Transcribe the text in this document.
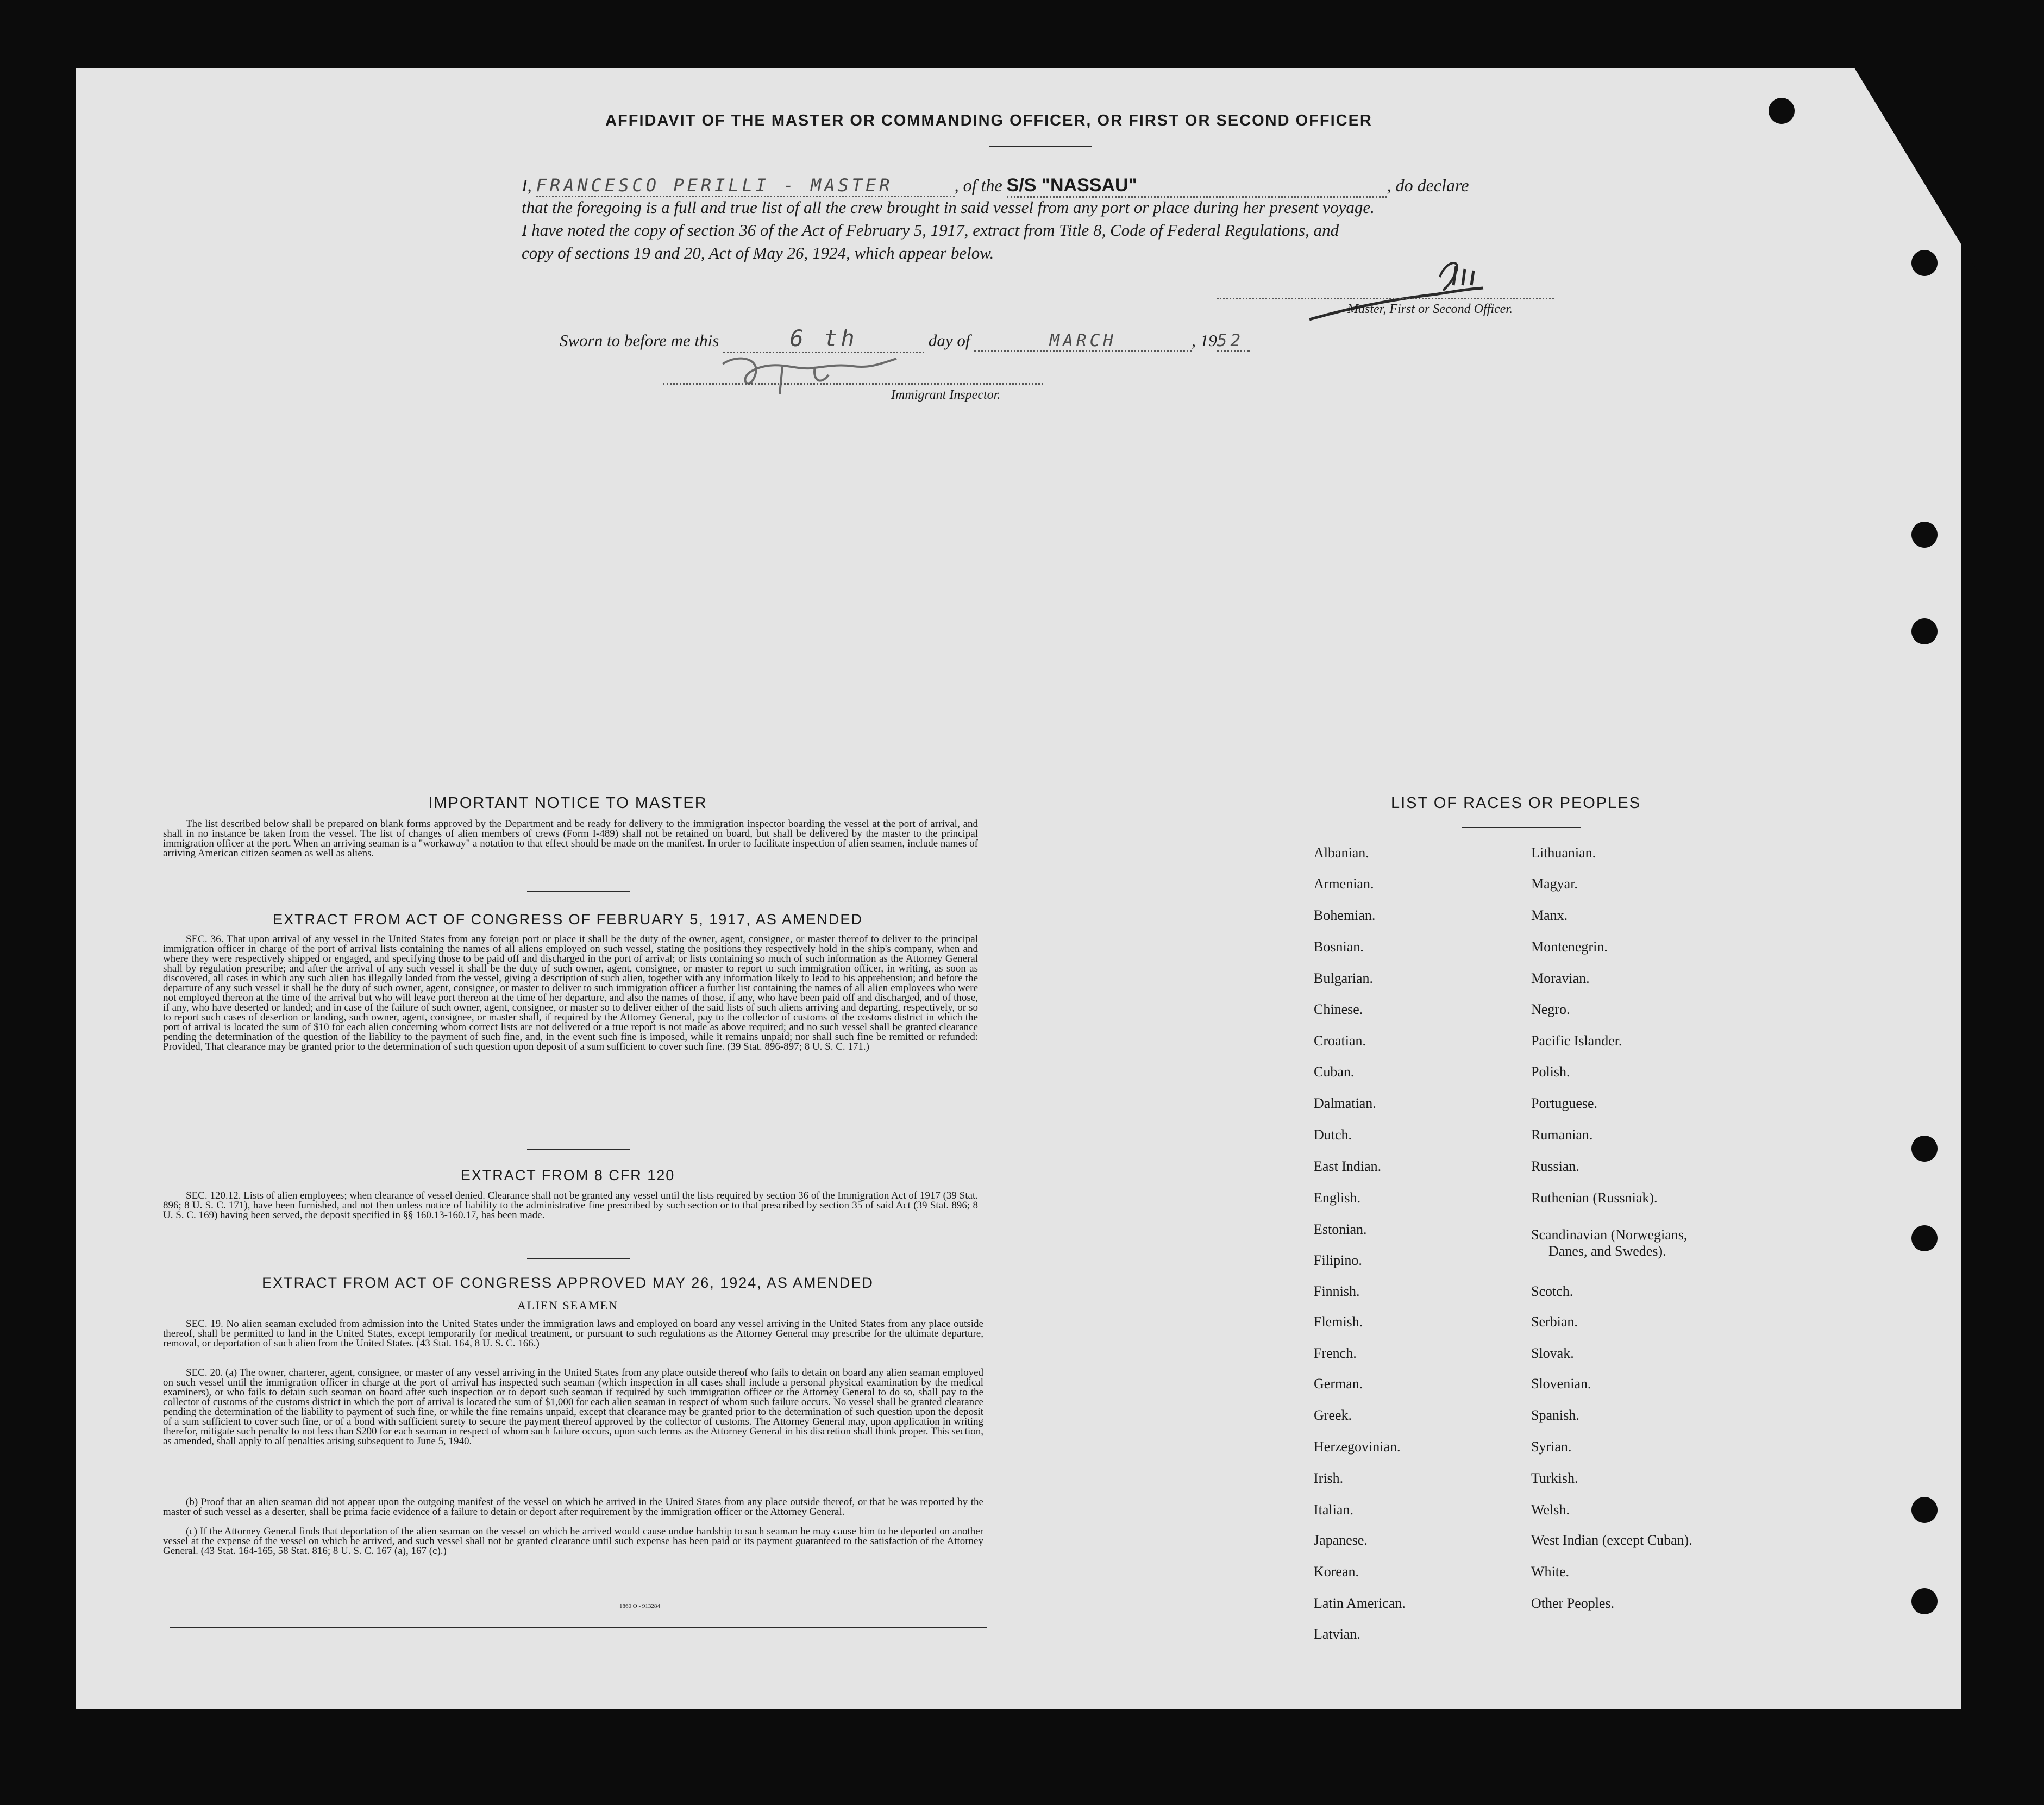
AFFIDAVIT OF THE MASTER OR COMMANDING OFFICER, OR FIRST OR SECOND OFFICER
I, FRANCESCO PERILLI - MASTER	, of the S/S "NASSAU"	, do declare
that the foregoing is a full and true list of all the crew brought in said vessel from any port or place during her present voyage.
I have noted the copy of section 36 of the Act of February 5, 1917, extract from Title 8, Code of Federal Regulations, and
copy of sections 19 and 20, Act of May 26, 1924, which appear below.
Master, First or Second Officer.
Sworn to before me this	6 th	day of	MARCH	, 1952
Immigrant Inspector.
IMPORTANT NOTICE TO MASTER
The list described below shall be prepared on blank forms approved by the Department and be ready for delivery to the immigration inspector boarding the vessel at the port of arrival, and shall in no instance be taken from the vessel. The list of changes of alien members of crews (Form I-489) shall not be retained on board, but shall be delivered by the master to the principal immigration officer at the port. When an arriving seaman is a "workaway" a notation to that effect should be made on the manifest. In order to facilitate inspection of alien seamen, include names of arriving American citizen seamen as well as aliens.
EXTRACT FROM ACT OF CONGRESS OF FEBRUARY 5, 1917, AS AMENDED
SEC. 36. That upon arrival of any vessel in the United States from any foreign port or place it shall be the duty of the owner, agent, consignee, or master thereof to deliver to the principal immigration officer in charge of the port of arrival lists containing the names of all aliens employed on such vessel, stating the positions they respectively hold in the ship's company, when and where they were respectively shipped or engaged, and specifying those to be paid off and discharged in the port of arrival; or lists containing so much of such information as the Attorney General shall by regulation prescribe; and after the arrival of any such vessel it shall be the duty of such owner, agent, consignee, or master to report to such immigration officer, in writing, as soon as discovered, all cases in which any such alien has illegally landed from the vessel, giving a description of such alien, together with any information likely to lead to his apprehension; and before the departure of any such vessel it shall be the duty of such owner, agent, consignee, or master to deliver to such immigration officer a further list containing the names of all alien employees who were not employed thereon at the time of the arrival but who will leave port thereon at the time of her departure, and also the names of those, if any, who have been paid off and discharged, and of those, if any, who have deserted or landed; and in case of the failure of such owner, agent, consignee, or master so to deliver either of the said lists of such aliens arriving and departing, respectively, or so to report such cases of desertion or landing, such owner, agent, consignee, or master shall, if required by the Attorney General, pay to the collector of customs of the costoms district in which the port of arrival is located the sum of $10 for each alien concerning whom correct lists are not delivered or a true report is not made as above required; and no such vessel shall be granted clearance pending the determination of the question of the liability to the payment of such fine, and, in the event such fine is imposed, while it remains unpaid; nor shall such fine be remitted or refunded: Provided, That clearance may be granted prior to the determination of such question upon deposit of a sum sufficient to cover such fine. (39 Stat. 896-897; 8 U. S. C. 171.)
EXTRACT FROM 8 CFR 120
SEC. 120.12. Lists of alien employees; when clearance of vessel denied. Clearance shall not be granted any vessel until the lists required by section 36 of the Immigration Act of 1917 (39 Stat. 896; 8 U. S. C. 171), have been furnished, and not then unless notice of liability to the administrative fine prescribed by such section or to that prescribed by section 35 of said Act (39 Stat. 896; 8 U. S. C. 169) having been served, the deposit specified in §§ 160.13-160.17, has been made.
EXTRACT FROM ACT OF CONGRESS APPROVED MAY 26, 1924, AS AMENDED
ALIEN SEAMEN
SEC. 19. No alien seaman excluded from admission into the United States under the immigration laws and employed on board any vessel arriving in the United States from any place outside thereof, shall be permitted to land in the United States, except temporarily for medical treatment, or pursuant to such regulations as the Attorney General may prescribe for the ultimate departure, removal, or deportation of such alien from the United States. (43 Stat. 164, 8 U. S. C. 166.)
SEC. 20. (a) The owner, charterer, agent, consignee, or master of any vessel arriving in the United States from any place outside thereof who fails to detain on board any alien seaman employed on such vessel until the immigration officer in charge at the port of arrival has inspected such seaman (which inspection in all cases shall include a personal physical examination by the medical examiners), or who fails to detain such seaman on board after such inspection or to deport such seaman if required by such immigration officer or the Attorney General to do so, shall pay to the collector of customs of the customs district in which the port of arrival is located the sum of $1,000 for each alien seaman in respect of whom such failure occurs. No vessel shall be granted clearance pending the determination of the liability to payment of such fine, or while the fine remains unpaid, except that clearance may be granted prior to the determination of such question upon the deposit of a sum sufficient to cover such fine, or of a bond with sufficient surety to secure the payment thereof approved by the collector of customs. The Attorney General may, upon application in writing therefor, mitigate such penalty to not less than $200 for each seaman in respect of whom such failure occurs, upon such terms as the Attorney General in his discretion shall think proper. This section, as amended, shall apply to all penalties arising subsequent to June 5, 1940.
(b) Proof that an alien seaman did not appear upon the outgoing manifest of the vessel on which he arrived in the United States from any place outside thereof, or that he was reported by the master of such vessel as a deserter, shall be prima facie evidence of a failure to detain or deport after requirement by the immigration officer or the Attorney General.
(c) If the Attorney General finds that deportation of the alien seaman on the vessel on which he arrived would cause undue hardship to such seaman he may cause him to be deported on another vessel at the expense of the vessel on which he arrived, and such vessel shall not be granted clearance until such expense has been paid or its payment guaranteed to the satisfaction of the Attorney General. (43 Stat. 164-165, 58 Stat. 816; 8 U. S. C. 167 (a), 167 (c).)
1860 O - 913284
LIST OF RACES OR PEOPLES
Albanian.
Armenian.
Bohemian.
Bosnian.
Bulgarian.
Chinese.
Croatian.
Cuban.
Dalmatian.
Dutch.
East Indian.
English.
Estonian.
Filipino.
Finnish.
Flemish.
French.
German.
Greek.
Herzegovinian.
Irish.
Italian.
Japanese.
Korean.
Latin American.
Latvian.
Lithuanian.
Magyar.
Manx.
Montenegrin.
Moravian.
Negro.
Pacific Islander.
Polish.
Portuguese.
Rumanian.
Russian.
Ruthenian (Russniak).
Scandinavian (Norwegians,
Danes, and Swedes).
Scotch.
Serbian.
Slovak.
Slovenian.
Spanish.
Syrian.
Turkish.
Welsh.
West Indian (except Cuban).
White.
Other Peoples.
